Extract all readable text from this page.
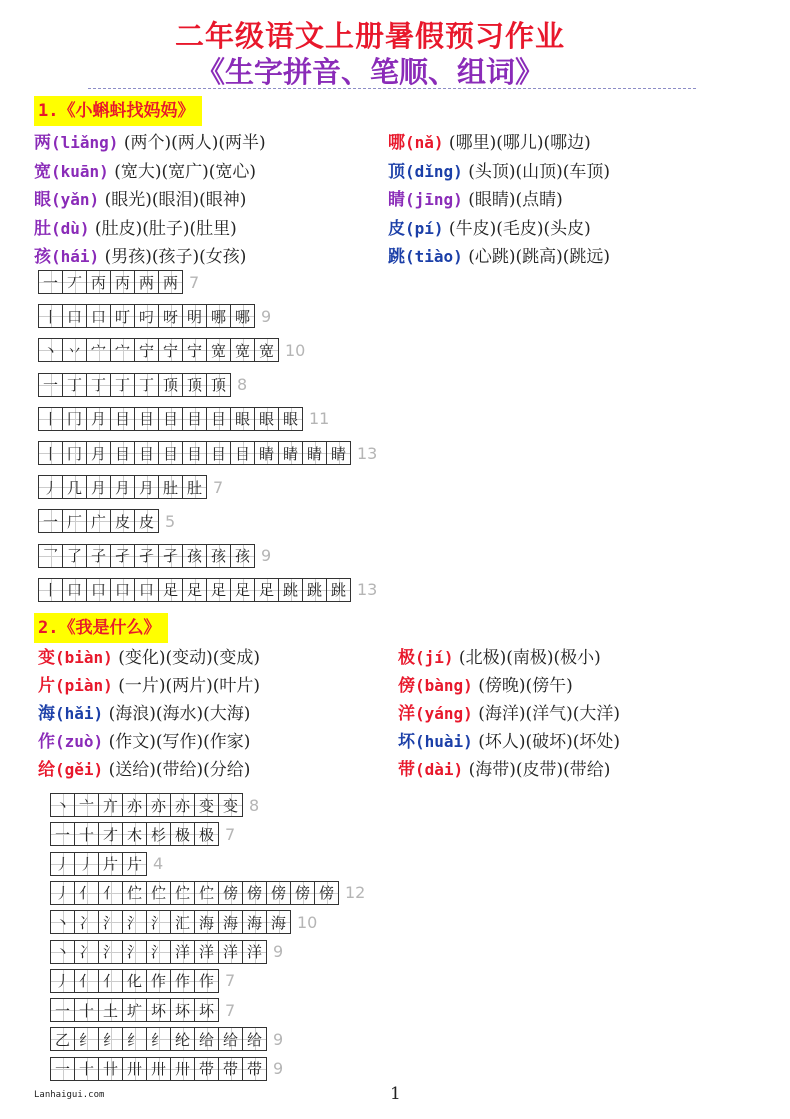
二年级语文上册暑假预习作业
《生字拼音、笔顺、组词》
1.《小蝌蚪找妈妈》
两(liǎng) (两个)(两人)(两半)
宽(kuān) (宽大)(宽广)(宽心)
眼(yǎn) (眼光)(眼泪)(眼神)
肚(dù) (肚皮)(肚子)(肚里)
孩(hái) (男孩)(孩子)(女孩)
哪(nǎ) (哪里)(哪儿)(哪边)
顶(dǐng) (头顶)(山顶)(车顶)
睛(jīng) (眼睛)(点睛)
皮(pí) (牛皮)(毛皮)(头皮)
跳(tiào) (心跳)(跳高)(跳远)
一 丆 丙 丙 两 两 7
丨 口 口 叮 叼 呀 明 哪 哪 9
丶 丷 宀 宀 宁 宁 宁 宽 宽 宽 10
一 丁 丁 丁 丁 顶 顶 顶 8
丨 冂 月 目 目 目 目 目 眼 眼 眼 11
丨 冂 月 目 目 目 目 目 目 睛 睛 睛 睛 13
丿 几 月 月 月 肚 肚 7
一 厂 广 皮 皮 5
乛 了 子 孑 孑 孑 孩 孩 孩 9
丨 口 口 口 口 足 足 足 足 足 跳 跳 跳 13
2.《我是什么》
变(biàn) (变化)(变动)(变成)
片(piàn) (一片)(两片)(叶片)
海(hǎi) (海浪)(海水)(大海)
作(zuò) (作文)(写作)(作家)
给(gěi) (送给)(带给)(分给)
极(jí) (北极)(南极)(极小)
傍(bàng) (傍晚)(傍午)
洋(yáng) (海洋)(洋气)(大洋)
坏(huài) (坏人)(破坏)(坏处)
带(dài) (海带)(皮带)(带给)
丶 亠 亣 亦 亦 亦 变 变 8
一 十 才 木 杉 极 极 7
丿 丿 片 片 4
丿 亻 亻 伫 伫 伫 伫 傍 傍 傍 傍 傍 12
丶 冫 氵 氵 氵 汇 海 海 海 海 10
丶 冫 氵 氵 氵 洋 洋 洋 洋 9
丿 亻 亻 化 作 作 作 7
一 十 土 圹 坏 坏 坏 7
乙 纟 纟 纟 纟 纶 给 给 给 9
一 十 卄 卅 卅 卅 带 带 带 9
Lanhaigui.com	1
